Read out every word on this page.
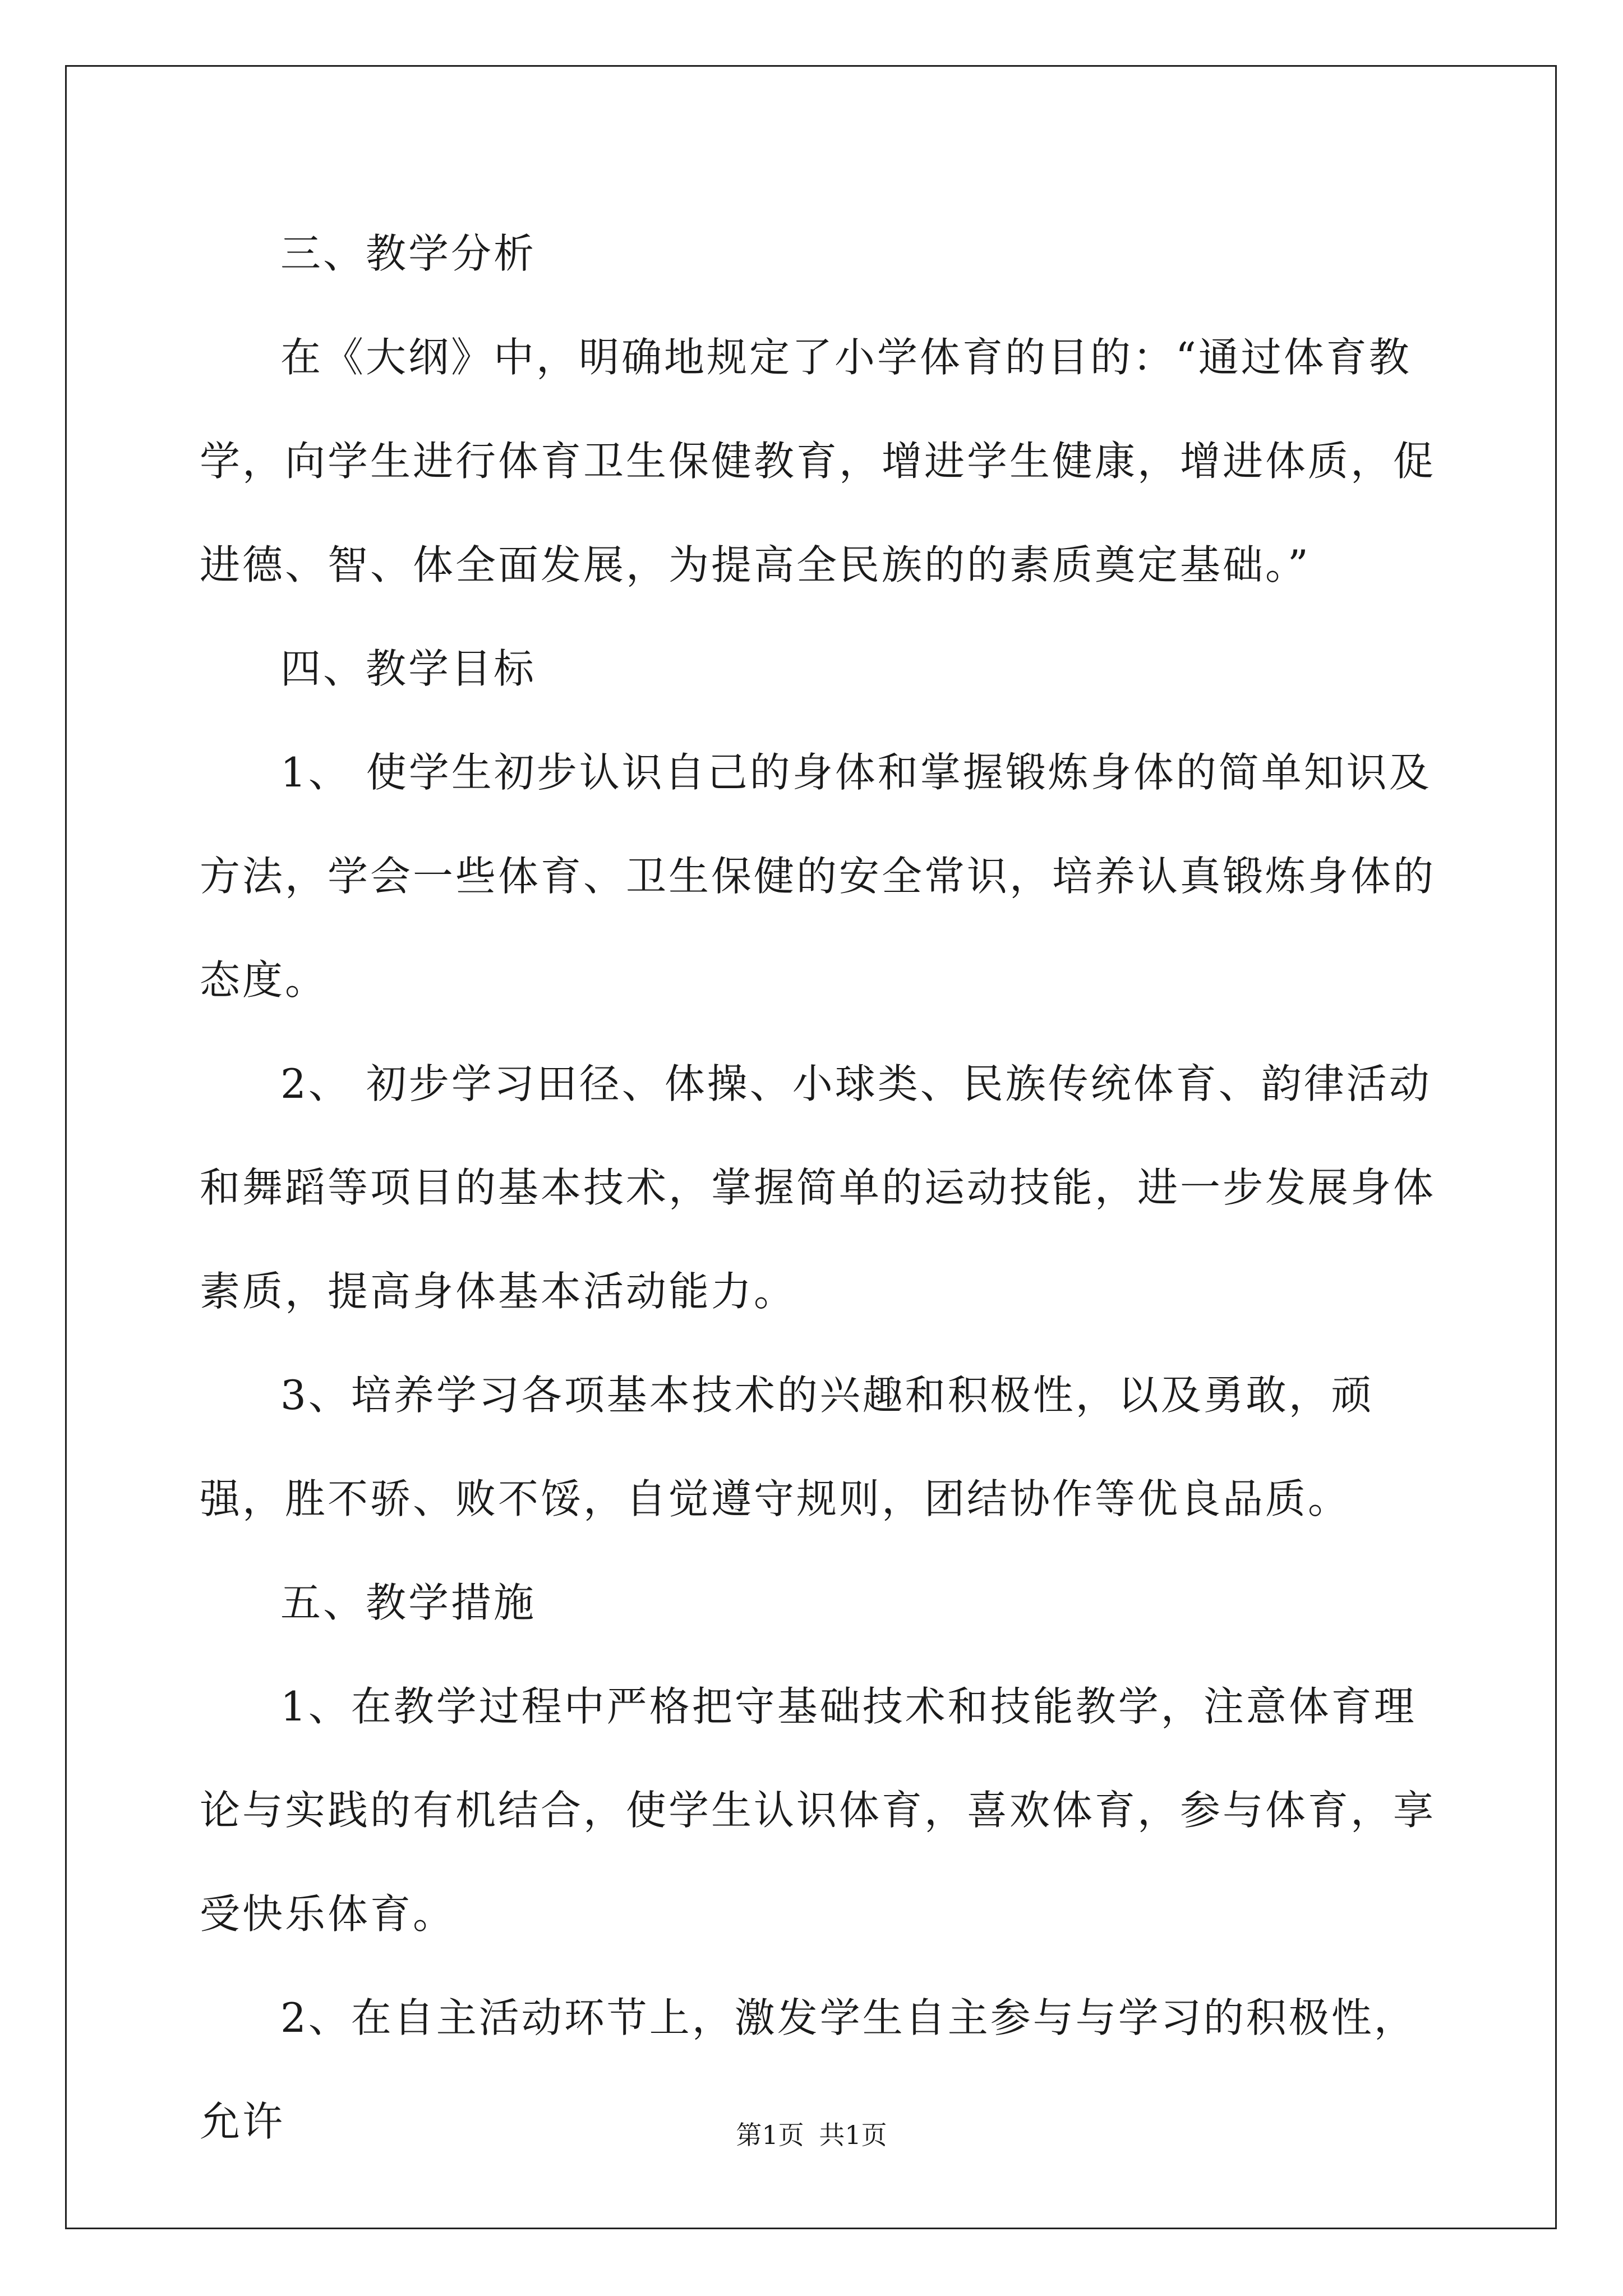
三、教学分析

在《大纲》中，明确地规定了小学体育的目的：“通过体育教学，向学生进行体育卫生保健教育，增进学生健康，增进体质，促进德、智、体全面发展，为提高全民族的的素质奠定基础。”

四、教学目标

1、 使学生初步认识自己的身体和掌握锻炼身体的简单知识及方法，学会一些体育、卫生保健的安全常识，培养认真锻炼身体的态度。

2、 初步学习田径、体操、小球类、民族传统体育、韵律活动和舞蹈等项目的基本技术，掌握简单的运动技能，进一步发展身体素质，提高身体基本活动能力。

3、培养学习各项基本技术的兴趣和积极性，以及勇敢，顽强，胜不骄、败不馁，自觉遵守规则，团结协作等优良品质。

五、教学措施

1、在教学过程中严格把守基础技术和技能教学，注意体育理论与实践的有机结合，使学生认识体育，喜欢体育，参与体育，享受快乐体育。

2、在自主活动环节上，激发学生自主参与与学习的积极性，允许	第1页 共1页
